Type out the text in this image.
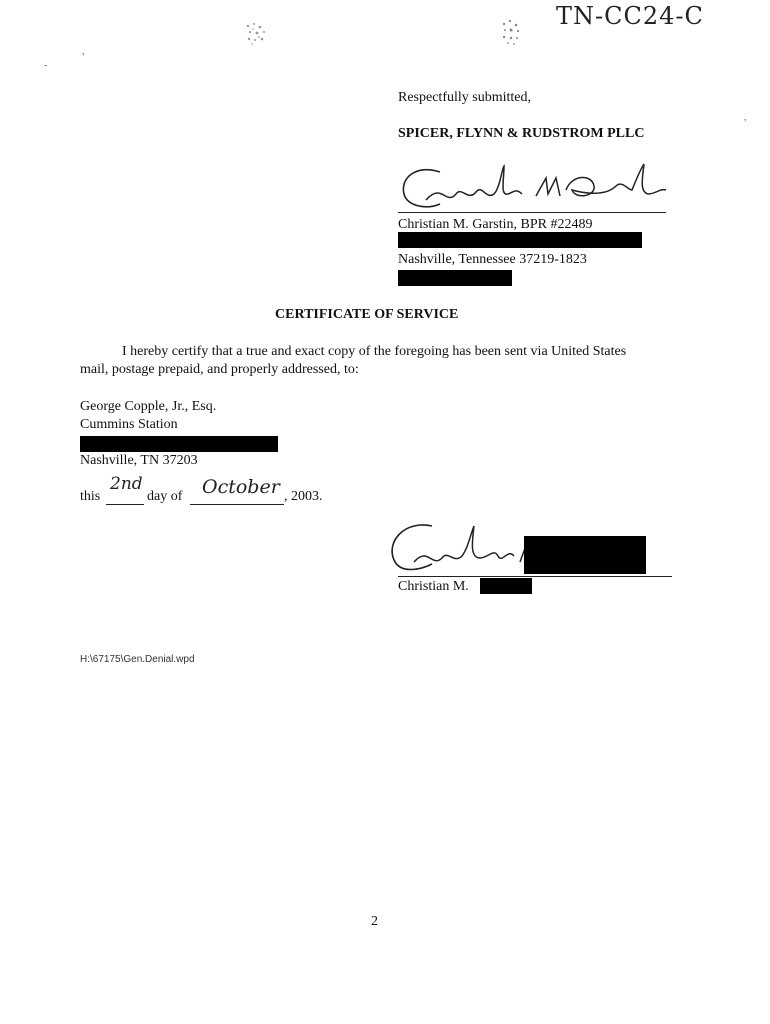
,
TN-CC24-C
Respectfully submitted,
SPICER, FLYNN & RUDSTROM PLLC
Christian M. Garstin, BPR #22489
Nashville, Tennessee 37219-1823
CERTIFICATE OF SERVICE
I hereby certify that a true and exact copy of the foregoing has been sent via United States
mail, postage prepaid, and properly addressed, to:
George Copple, Jr., Esq.
Cummins Station
Nashville, TN 37203
this
2nd
day of October , 2003.
Christian M.
H:\67175\Gen.Denial.wpd
2
,
-
